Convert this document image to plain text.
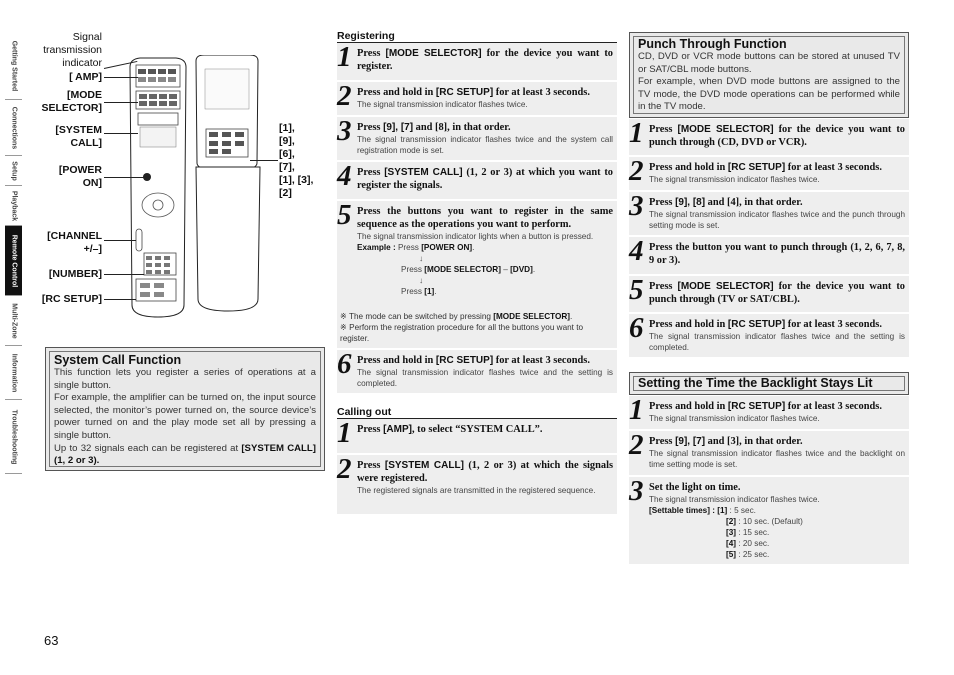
Getting Started
Connections
Setup
Playback
Remote Control
Multi-Zone
Information
Troubleshooting
Signal
transmission
indicator
[ AMP]
[MODE
SELECTOR]
[SYSTEM
CALL]
[POWER
ON]
[CHANNEL
+/–]
[NUMBER]
[RC SETUP]
[1],
[9],
[6],
[7],
[1], [3],
[2]

System Call Function

This function lets you register a series of operations at a single button.
For example, the amplifier can be turned on, the input source selected, the monitor’s power turned on, the source device’s power turned on and the play mode set all by pressing a single button.
Up to 32 signals each can be registered at [SYSTEM CALL] (1, 2 or 3).
Registering
1 Press [MODE SELECTOR] for the device you want to register.
2 Press and hold in [RC SETUP] for at least 3 seconds.
The signal transmission indicator flashes twice.
3 Press [9], [7] and [8], in that order.
The signal transmission indicator flashes twice and the system call registration mode is set.
4 Press [SYSTEM CALL] (1, 2 or 3) at which you want to register the signals.
5 Press the buttons you want to register in the same sequence as the operations you want to perform.
The signal transmission indicator lights when a button is pressed.
Example : Press [POWER ON].
↓
Press [MODE SELECTOR] – [DVD].
↓
Press [1].
※ The mode can be switched by pressing [MODE SELECTOR].
※ Perform the registration procedure for all the buttons you want to register.
6 Press and hold in [RC SETUP] for at least 3 seconds.
The signal transmission indicator flashes twice and the setting is completed.
Calling out
1 Press [AMP], to select “SYSTEM CALL”.
2 Press [SYSTEM CALL] (1, 2 or 3) at which the signals were registered.
The registered signals are transmitted in the registered sequence.

Punch Through Function

CD, DVD or VCR mode buttons can be stored at unused TV or SAT/CBL mode buttons.
For example, when DVD mode buttons are assigned to the TV mode, the DVD mode operations can be performed while in the TV mode.
1 Press [MODE SELECTOR] for the device you want to punch through (CD, DVD or VCR).
2 Press and hold in [RC SETUP] for at least 3 seconds.
The signal transmission indicator flashes twice.
3 Press [9], [8] and [4], in that order.
The signal transmission indicator flashes twice and the punch through setting mode is set.
4 Press the button you want to punch through (1, 2, 6, 7, 8, 9 or 3).
5 Press [MODE SELECTOR] for the device you want to punch through (TV or SAT/CBL).
6 Press and hold in [RC SETUP] for at least 3 seconds.
The signal transmission indicator flashes twice and the setting is completed.
Setting the Time the Backlight Stays Lit
1 Press and hold in [RC SETUP] for at least 3 seconds.
The signal transmission indicator flashes twice.
2 Press [9], [7] and [3], in that order.
The signal transmission indicator flashes twice and the backlight on time setting mode is set.
3 Set the light on time.
The signal transmission indicator flashes twice.
[Settable times] : [1] : 5 sec.
[2] : 10 sec. (Default)
[3] : 15 sec.
[4] : 20 sec.
[5] : 25 sec.
63
